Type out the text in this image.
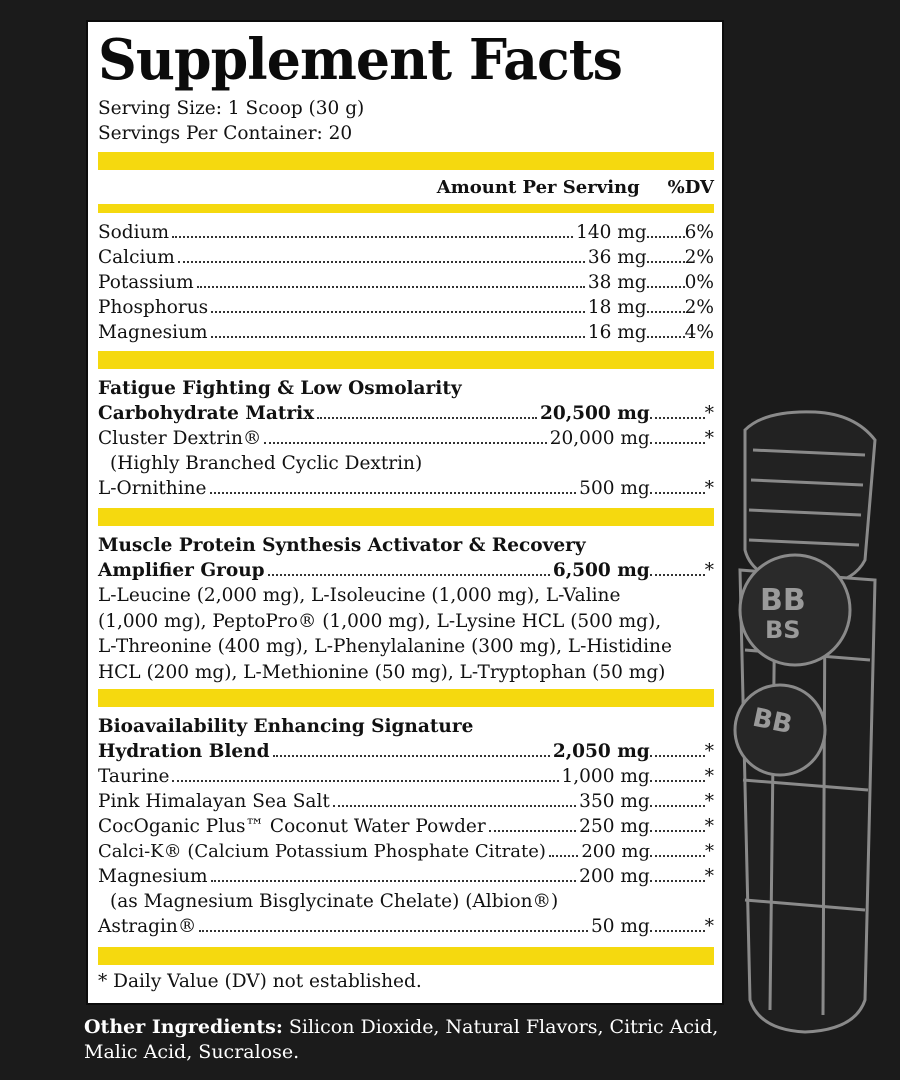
BB
BS
BB
Supplement Facts
Serving Size: 1 Scoop (30 g)
Servings Per Container: 20
Amount Per Serving %DV
Sodium	140 mg 6%
Calcium	36 mg 2%
Potassium	38 mg 0%
Phosphorus	18 mg 2%
Magnesium	16 mg 4%
Fatigue Fighting & Low Osmolarity
Carbohydrate Matrix	20,500 mg	*
Cluster Dextrin®	20,000 mg	*
(Highly Branched Cyclic Dextrin)
L-Ornithine	500 mg	*
Muscle Protein Synthesis Activator & Recovery
Amplifier Group	6,500 mg	*
L-Leucine (2,000 mg), L-Isoleucine (1,000 mg), L-Valine
(1,000 mg), PeptoPro® (1,000 mg), L-Lysine HCL (500 mg),
L-Threonine (400 mg), L-Phenylalanine (300 mg), L-Histidine
HCL (200 mg), L-Methionine (50 mg), L-Tryptophan (50 mg)
Bioavailability Enhancing Signature
Hydration Blend	2,050 mg	*
Taurine	1,000 mg	*
Pink Himalayan Sea Salt	350 mg	*
CocOganic Plus™ Coconut Water Powder	250 mg	*
Calci-K® (Calcium Potassium Phosphate Citrate) 200 mg	*
Magnesium	200 mg	*
(as Magnesium Bisglycinate Chelate) (Albion®)
Astragin®	50 mg	*
* Daily Value (DV) not established.
Other Ingredients: Silicon Dioxide, Natural Flavors, Citric Acid,
Malic Acid, Sucralose.
